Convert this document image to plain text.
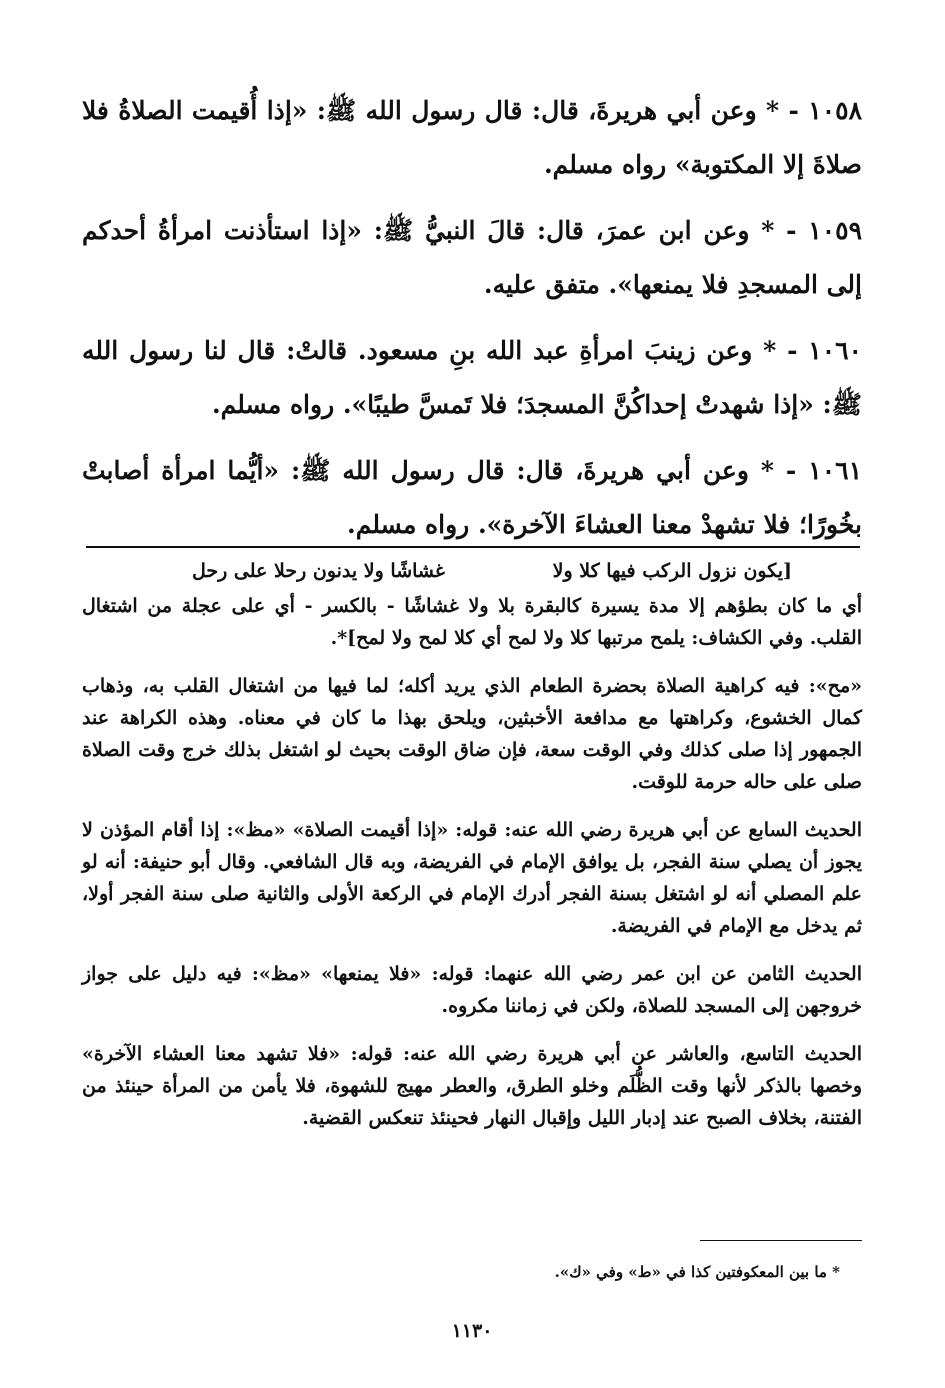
١٠٥٨ - * وعن أبي هريرةَ، قال: قال رسول الله ﷺ: «إذا أُقيمت الصلاةُ فلا صلاةَ إلا المكتوبة» رواه مسلم.

١٠٥٩ - * وعن ابن عمرَ، قال: قالَ النبيُّ ﷺ: «إذا استأذنت امرأةُ أحدكم إلى المسجدِ فلا يمنعها». متفق عليه.

١٠٦٠ - * وعن زينبَ امرأةِ عبد الله بنِ مسعود. قالتْ: قال لنا رسول الله ﷺ: «إذا شهدتْ إحداكُنَّ المسجدَ؛ فلا تَمسَّ طيبًا». رواه مسلم.

١٠٦١ - * وعن أبي هريرةَ، قال: قال رسول الله ﷺ: «أيُّما امرأة أصابتْ بخُورًا؛ فلا تشهدْ معنا العشاءَ الآخرة». رواه مسلم.

[يكون نزول الركب فيها كلا ولا
غشاشًا ولا يدنون رحلا على رحل

أي ما كان بطؤهم إلا مدة يسيرة كالبقرة بلا ولا غشاشًا - بالكسر - أي على عجلة من اشتغال القلب. وفي الكشاف: يلمح مرتبها كلا ولا لمح أي كلا لمح ولا لمح]*.

«مح»: فيه كراهية الصلاة بحضرة الطعام الذي يريد أكله؛ لما فيها من اشتغال القلب به، وذهاب كمال الخشوع، وكراهتها مع مدافعة الأخبثين، ويلحق بهذا ما كان في معناه. وهذه الكراهة عند الجمهور إذا صلى كذلك وفي الوقت سعة، فإن ضاق الوقت بحيث لو اشتغل بذلك خرج وقت الصلاة صلى على حاله حرمة للوقت.

الحديث السابع عن أبي هريرة رضي الله عنه: قوله: «إذا أقيمت الصلاة» «مظ»: إذا أقام المؤذن لا يجوز أن يصلي سنة الفجر، بل يوافق الإمام في الفريضة، وبه قال الشافعي. وقال أبو حنيفة: أنه لو علم المصلي أنه لو اشتغل بسنة الفجر أدرك الإمام في الركعة الأولى والثانية صلى سنة الفجر أولا، ثم يدخل مع الإمام في الفريضة.

الحديث الثامن عن ابن عمر رضي الله عنهما: قوله: «فلا يمنعها» «مظ»: فيه دليل على جواز خروجهن إلى المسجد للصلاة، ولكن في زماننا مكروه.

الحديث التاسع، والعاشر عن أبي هريرة رضي الله عنه: قوله: «فلا تشهد معنا العشاء الآخرة» وخصها بالذكر لأنها وقت الظُّلَم وخلو الطرق، والعطر مهيج للشهوة، فلا يأمن من المرأة حينئذ من الفتنة، بخلاف الصبح عند إدبار الليل وإقبال النهار فحينئذ تنعكس القضية.

* ما بين المعكوفتين كذا في «ط» وفي «ك».
١١٣٠
